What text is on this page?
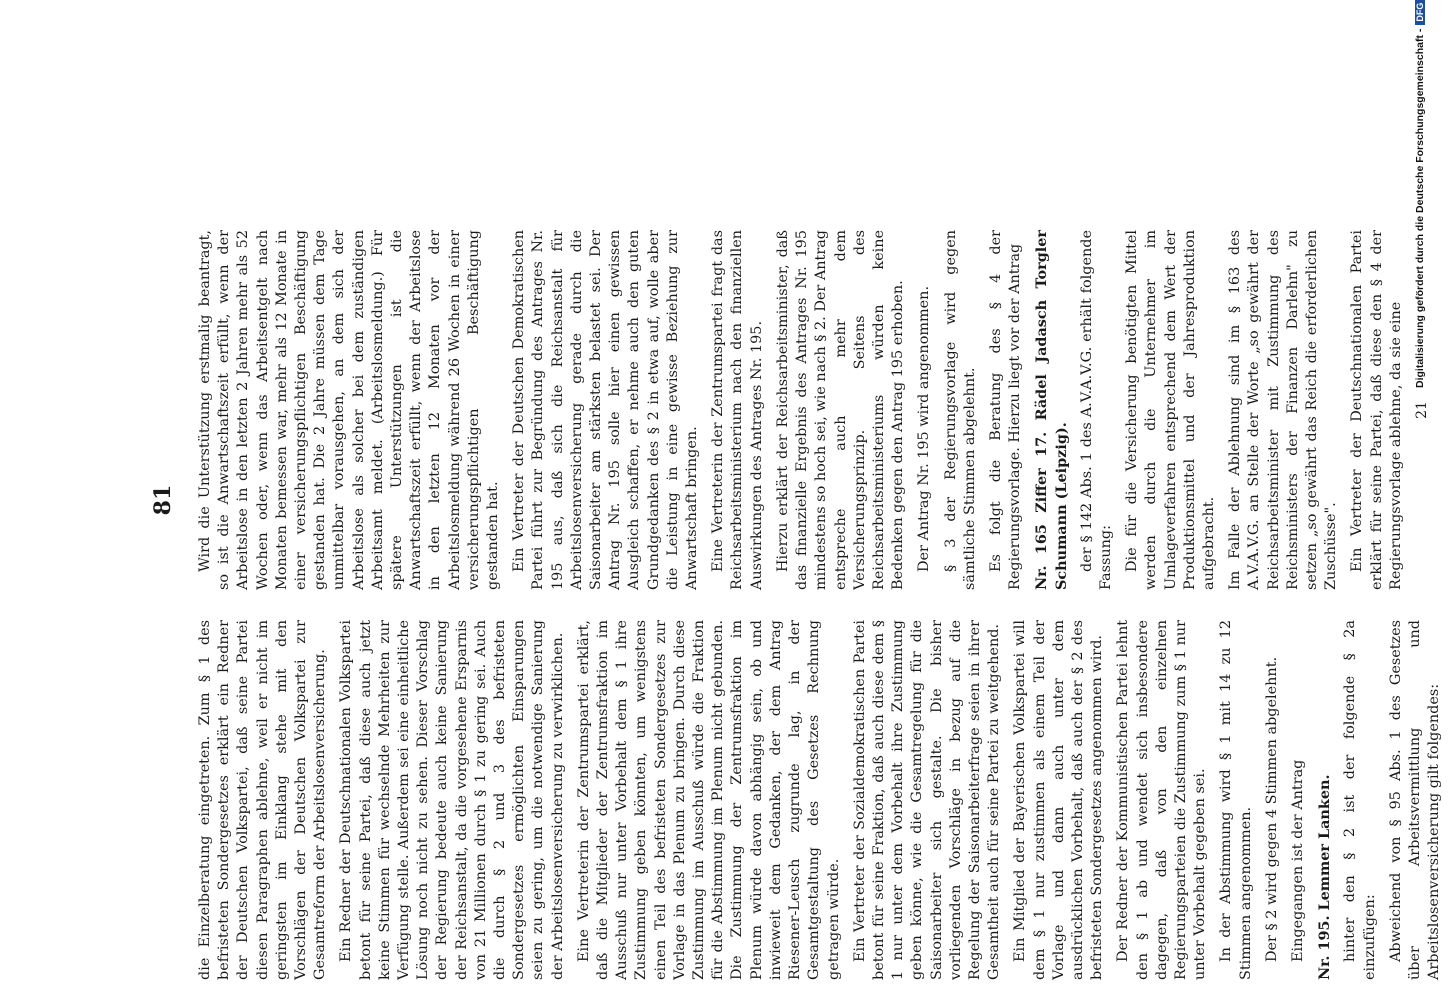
81

die Einzelberatung eingetreten. Zum § 1 des befristeten Sondergesetzes erklärt ein Redner der Deutschen Volkspartei, daß seine Partei diesen Paragraphen ablehne, weil er nicht im geringsten im Einklang stehe mit den Vorschlägen der Deutschen Volkspartei zur Gesamtreform der Arbeitslosenversicherung. Ein Redner der Deutschnationalen Volkspartei betont für seine Partei, daß diese auch jetzt keine Stimmen für wechselnde Mehrheiten zur Verfügung stelle. Außerdem sei eine einheitliche Lösung noch nicht zu sehen. Dieser Vorschlag der Regierung bedeute auch keine Sanierung der Reichsanstalt, da die vorgesehene Ersparnis von 21 Millionen durch § 1 zu gering sei. Auch die durch § 2 und 3 des befristeten Sondergesetzes ermöglichten Einsparungen seien zu gering, um die notwendige Sanierung der Arbeitslosenversicherung zu verwirklichen. Eine Vertreterin der Zentrumspartei erklärt, daß die Mitglieder der Zentrumsfraktion im Ausschuß nur unter Vorbehalt dem § 1 ihre Zustimmung geben könnten, um wenigstens einen Teil des befristeten Sondergesetzes zur Vorlage in das Plenum zu bringen. Durch diese Zustimmung im Ausschuß würde die Fraktion für die Abstimmung im Plenum nicht gebunden. Die Zustimmung der Zentrumsfraktion im Plenum würde davon abhängig sein, ob und inwieweit dem Gedanken, der dem Antrag Riesener-Leusch zugrunde lag, in der Gesamtgestaltung des Gesetzes Rechnung getragen würde. Ein Vertreter der Sozialdemokratischen Partei betont für seine Fraktion, daß auch diese dem § 1 nur unter dem Vorbehalt ihre Zustimmung geben könne, wie die Gesamtregelung für die Saisonarbeiter sich gestalte. Die bisher vorliegenden Vorschläge in bezug auf die Regelung der Saisonarbeiterfrage seien in ihrer Gesamtheit auch für seine Partei zu weitgehend. Ein Mitglied der Bayerischen Volkspartei will dem § 1 nur zustimmen als einem Teil der Vorlage und dann auch unter dem ausdrücklichen Vorbehalt, daß auch der § 2 des befristeten Sondergesetzes angenommen wird. Der Redner der Kommunistischen Partei lehnt den § 1 ab und wendet sich insbesondere dagegen, daß von den einzelnen Regierungsparteien die Zustimmung zum § 1 nur unter Vorbehalt gegeben sei. In der Abstimmung wird § 1 mit 14 zu 12 Stimmen angenommen. Der § 2 wird gegen 4 Stimmen abgelehnt. Eingegangen ist der Antrag Nr. 195. Lemmer Lanken. hinter den § 2 ist der folgende § 2a einzufügen: Abweichend von § 95 Abs. 1 des Gesetzes über Arbeitsvermittlung und Arbeitslosenversicherung gilt folgendes:

Wird die Unterstützung erstmalig beantragt, so ist die Anwartschaftszeit erfüllt, wenn der Arbeitslose in den letzten 2 Jahren mehr als 52 Wochen oder, wenn das Arbeitsentgelt nach Monaten bemessen war, mehr als 12 Monate in einer versicherungspflichtigen Beschäftigung gestanden hat. Die 2 Jahre müssen dem Tage unmittelbar vorausgehen, an dem sich der Arbeitslose als solcher bei dem zuständigen Arbeitsamt meldet. (Arbeitslosmeldung.) Für spätere Unterstützungen ist die Anwartschaftszeit erfüllt, wenn der Arbeitslose in den letzten 12 Monaten vor der Arbeitslosmeldung während 26 Wochen in einer versicherungspflichtigen Beschäftigung gestanden hat. Ein Vertreter der Deutschen Demokratischen Partei führt zur Begründung des Antrages Nr. 195 aus, daß sich die Reichsanstalt für Arbeitslosenversicherung gerade durch die Saisonarbeiter am stärksten belastet sei. Der Antrag Nr. 195 solle hier einen gewissen Ausgleich schaffen, er nehme auch den guten Grundgedanken des § 2 in etwa auf, wolle aber die Leistung in eine gewisse Beziehung zur Anwartschaft bringen. Eine Vertreterin der Zentrumspartei fragt das Reichsarbeitsministerium nach den finanziellen Auswirkungen des Antrages Nr. 195. Hierzu erklärt der Reichsarbeitsminister, daß das finanzielle Ergebnis des Antrages Nr. 195 mindestens so hoch sei, wie nach § 2. Der Antrag entspreche auch mehr dem Versicherungsprinzip. Seitens des Reichsarbeitsministeriums würden keine Bedenken gegen den Antrag 195 erhoben. Der Antrag Nr. 195 wird angenommen. § 3 der Regierungsvorlage wird gegen sämtliche Stimmen abgelehnt. Es folgt die Beratung des § 4 der Regierungsvorlage. Hierzu liegt vor der Antrag Nr. 165 Ziffer 17. Rädel Jadasch Torgler Schumann (Leipzig). der § 142 Abs. 1 des A.V.A.V.G. erhält folgende Fassung: Die für die Versicherung benötigten Mittel werden durch die Unternehmer im Umlageverfahren entsprechend dem Wert der Produktionsmittel und der Jahresproduktion aufgebracht. Im Falle der Ablehnung sind im § 163 des A.V.A.V.G. an Stelle der Worte „so gewährt der Reichsarbeitsminister mit Zustimmung des Reichsministers der Finanzen Darlehn" zu setzen „so gewährt das Reich die erforderlichen Zuschüsse". Ein Vertreter der Deutschnationalen Partei erklärt für seine Partei, daß diese den § 4 der Regierungsvorlage ablehne, da sie eine 21
Digitalisierung gefördert durch die Deutsche Forschungsgemeinschaft -DFG
